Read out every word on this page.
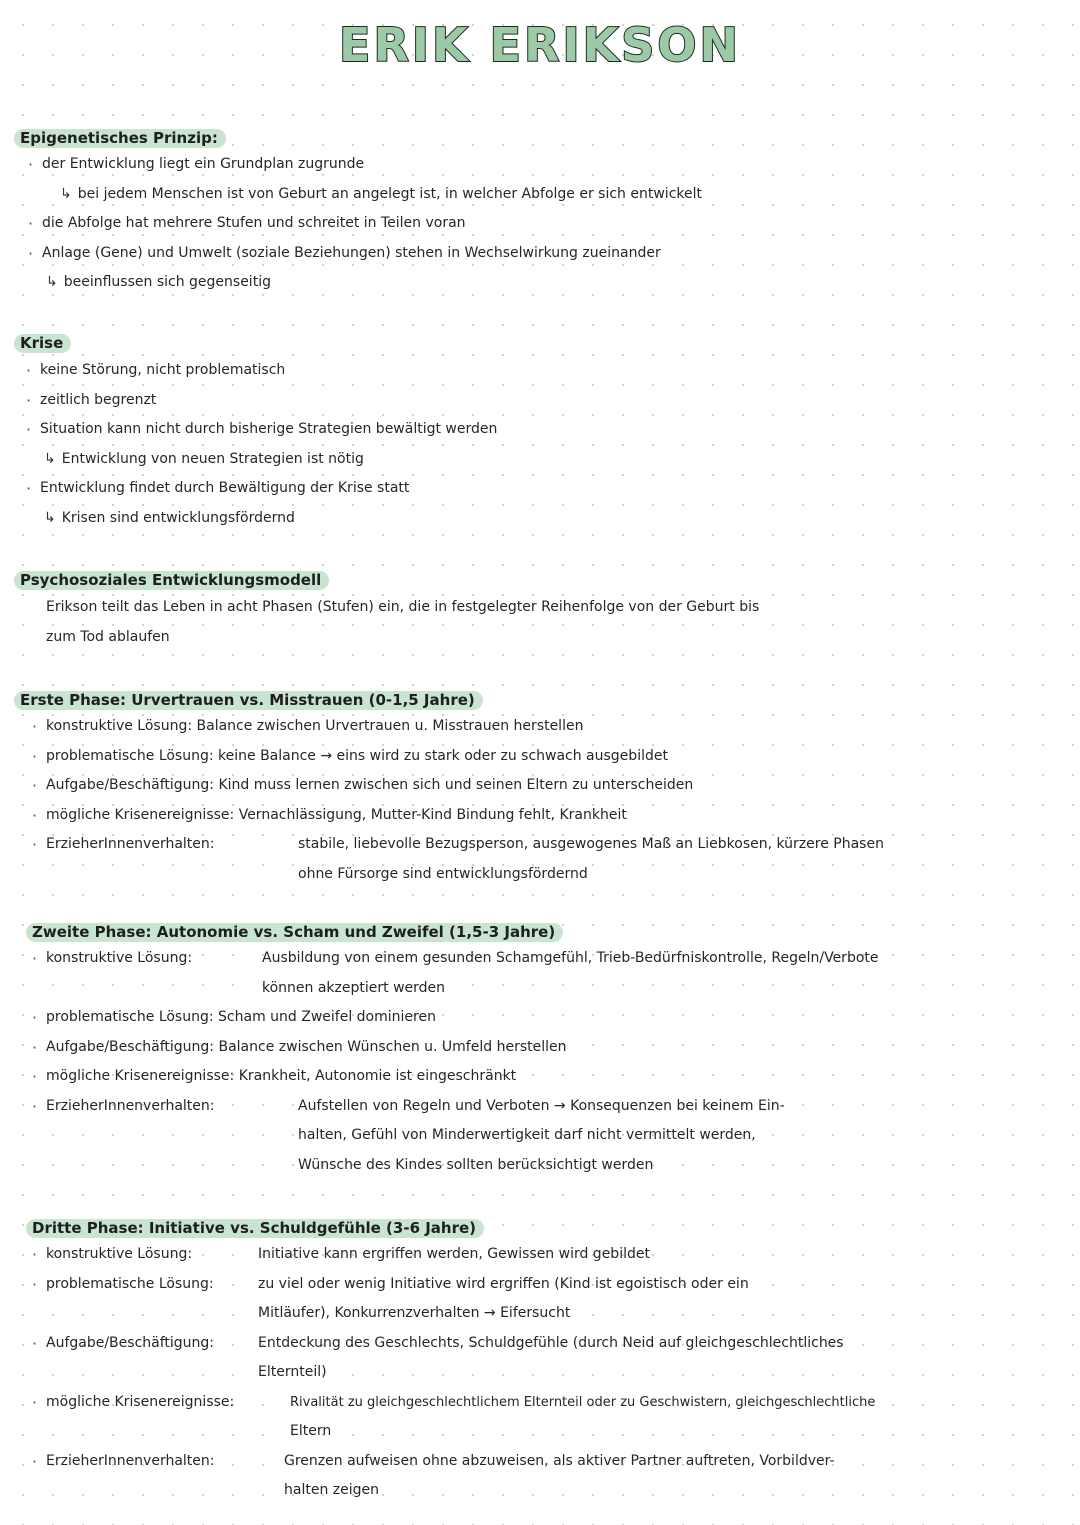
ERIK ERIKSON
Epigenetisches Prinzip:
· der Entwicklung liegt ein Grundplan zugrunde
↳ bei jedem Menschen ist von Geburt an angelegt ist, in welcher Abfolge er sich entwickelt
· die Abfolge hat mehrere Stufen und schreitet in Teilen voran
· Anlage (Gene) und Umwelt (soziale Beziehungen) stehen in Wechselwirkung zueinander
↳ beeinflussen sich gegenseitig
Krise
· keine Störung, nicht problematisch
· zeitlich begrenzt
· Situation kann nicht durch bisherige Strategien bewältigt werden
↳ Entwicklung von neuen Strategien ist nötig
· Entwicklung findet durch Bewältigung der Krise statt
↳ Krisen sind entwicklungsfördernd
Psychosoziales Entwicklungsmodell
Erikson teilt das Leben in acht Phasen (Stufen) ein, die in festgelegter Reihenfolge von der Geburt bis
zum Tod ablaufen
Erste Phase: Urvertrauen vs. Misstrauen (0-1,5 Jahre)
· konstruktive Lösung: Balance zwischen Urvertrauen u. Misstrauen herstellen
· problematische Lösung: keine Balance → eins wird zu stark oder zu schwach ausgebildet
· Aufgabe/Beschäftigung: Kind muss lernen zwischen sich und seinen Eltern zu unterscheiden
· mögliche Krisenereignisse: Vernachlässigung, Mutter-Kind Bindung fehlt, Krankheit
· ErzieherInnenverhalten:	stabile, liebevolle Bezugsperson, ausgewogenes Maß an Liebkosen, kürzere Phasen
ohne Fürsorge sind entwicklungsfördernd
Zweite Phase: Autonomie vs. Scham und Zweifel (1,5-3 Jahre)
· konstruktive Lösung:	Ausbildung von einem gesunden Schamgefühl, Trieb-Bedürfniskontrolle, Regeln/Verbote
können akzeptiert werden
· problematische Lösung: Scham und Zweifel dominieren
· Aufgabe/Beschäftigung: Balance zwischen Wünschen u. Umfeld herstellen
· mögliche Krisenereignisse: Krankheit, Autonomie ist eingeschränkt
· ErzieherInnenverhalten:	Aufstellen von Regeln und Verboten → Konsequenzen bei keinem Ein-
halten, Gefühl von Minderwertigkeit darf nicht vermittelt werden,
Wünsche des Kindes sollten berücksichtigt werden
Dritte Phase: Initiative vs. Schuldgefühle (3-6 Jahre)
· konstruktive Lösung:	Initiative kann ergriffen werden, Gewissen wird gebildet
· problematische Lösung:	zu viel oder wenig Initiative wird ergriffen (Kind ist egoistisch oder ein
Mitläufer), Konkurrenzverhalten → Eifersucht
· Aufgabe/Beschäftigung:	Entdeckung des Geschlechts, Schuldgefühle (durch Neid auf gleichgeschlechtliches
Elternteil)
· mögliche Krisenereignisse:	Rivalität zu gleichgeschlechtlichem Elternteil oder zu Geschwistern, gleichgeschlechtliche
Eltern
· ErzieherInnenverhalten:	Grenzen aufweisen ohne abzuweisen, als aktiver Partner auftreten, Vorbildver-
halten zeigen
